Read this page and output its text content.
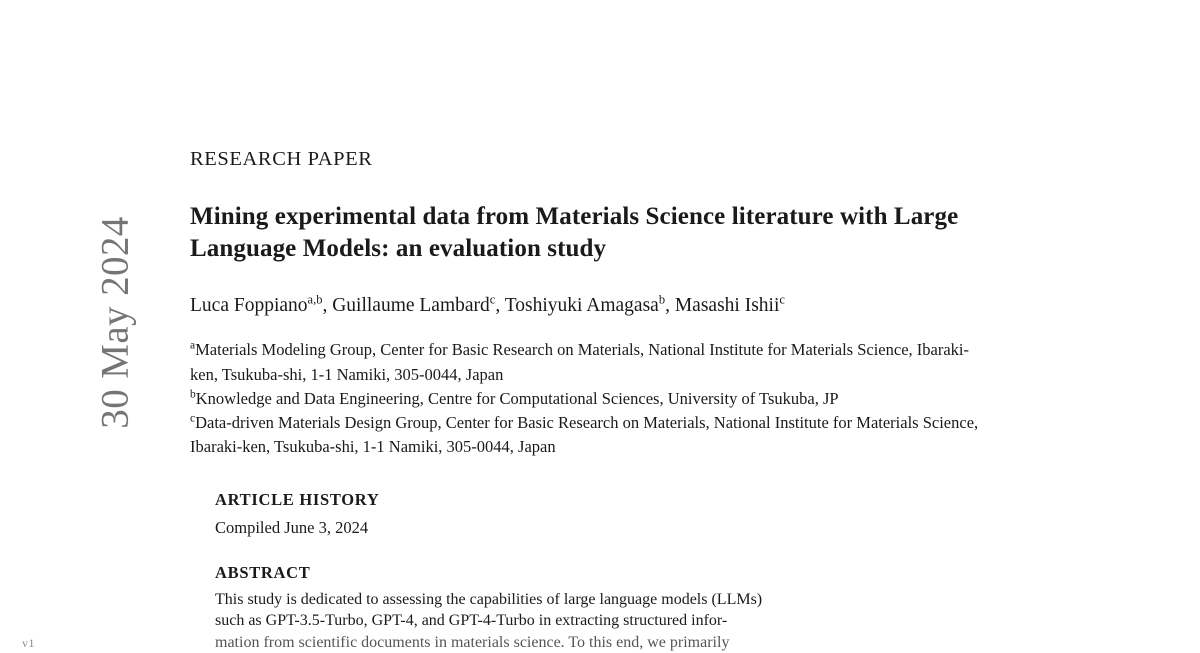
30 May 2024
v1

RESEARCH PAPER

Mining experimental data from Materials Science literature with Large Language Models: an evaluation study

Luca Foppiano$^{a,b}$, Guillaume Lambard$^c$, Toshiyuki Amagasa$^b$, Masashi Ishii$^c$

$^a$Materials Modeling Group, Center for Basic Research on Materials, National Institute for Materials Science, Ibaraki-ken, Tsukuba-shi, 1-1 Namiki, 305-0044, Japan

$^b$Knowledge and Data Engineering, Centre for Computational Sciences, University of Tsukuba, JP

$^c$Data-driven Materials Design Group, Center for Basic Research on Materials, National Institute for Materials Science, Ibaraki-ken, Tsukuba-shi, 1-1 Namiki, 305-0044, Japan

ARTICLE HISTORY

Compiled June 3, 2024

ABSTRACT

This study is dedicated to assessing the capabilities of large language models (LLMs)

such as GPT-3.5-Turbo, GPT-4, and GPT-4-Turbo in extracting structured infor-

mation from scientific documents in materials science. To this end, we primarily
